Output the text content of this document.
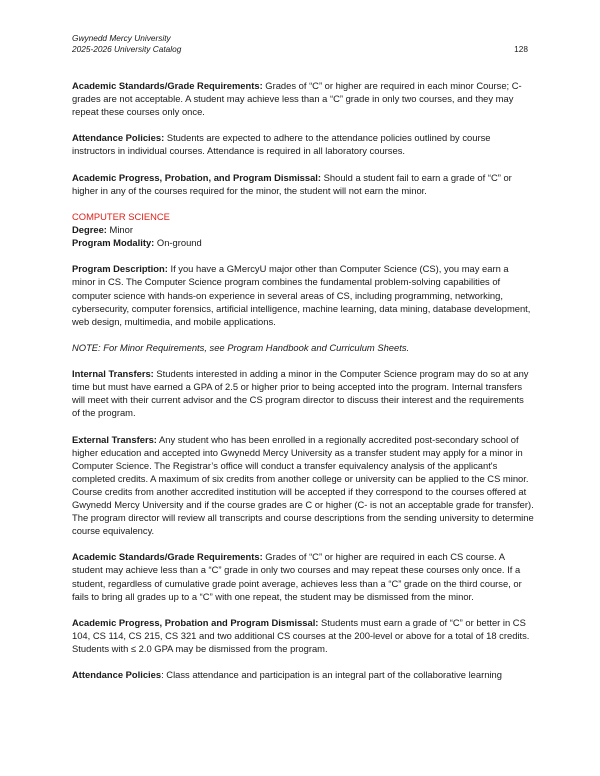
Gwynedd Mercy University
2025-2026 University Catalog	128

Academic Standards/Grade Requirements: Grades of “C” or higher are required in each minor Course; C- grades are not acceptable. A student may achieve less than a “C” grade in only two courses, and they may repeat these courses only once.

Attendance Policies: Students are expected to adhere to the attendance policies outlined by course instructors in individual courses. Attendance is required in all laboratory courses.

Academic Progress, Probation, and Program Dismissal: Should a student fail to earn a grade of “C” or higher in any of the courses required for the minor, the student will not earn the minor.

COMPUTER SCIENCE

Degree: Minor

Program Modality: On-ground

Program Description: If you have a GMercyU major other than Computer Science (CS), you may earn a minor in CS. The Computer Science program combines the fundamental problem-solving capabilities of computer science with hands-on experience in several areas of CS, including programming, networking, cybersecurity, computer forensics, artificial intelligence, machine learning, data mining, database development, web design, multimedia, and mobile applications.

NOTE: For Minor Requirements, see Program Handbook and Curriculum Sheets.

Internal Transfers: Students interested in adding a minor in the Computer Science program may do so at any time but must have earned a GPA of 2.5 or higher prior to being accepted into the program. Internal transfers will meet with their current advisor and the CS program director to discuss their interest and the requirements of the program.

External Transfers: Any student who has been enrolled in a regionally accredited post-secondary school of higher education and accepted into Gwynedd Mercy University as a transfer student may apply for a minor in Computer Science. The Registrar’s office will conduct a transfer equivalency analysis of the applicant's completed credits. A maximum of six credits from another college or university can be applied to the CS minor. Course credits from another accredited institution will be accepted if they correspond to the courses offered at Gwynedd Mercy University and if the course grades are C or higher (C- is not an acceptable grade for transfer). The program director will review all transcripts and course descriptions from the sending university to determine course equivalency.

Academic Standards/Grade Requirements: Grades of “C” or higher are required in each CS course. A student may achieve less than a “C” grade in only two courses and may repeat these courses only once. If a student, regardless of cumulative grade point average, achieves less than a “C” grade on the third course, or fails to bring all grades up to a “C” with one repeat, the student may be dismissed from the minor.

Academic Progress, Probation and Program Dismissal: Students must earn a grade of “C” or better in CS 104, CS 114, CS 215, CS 321 and two additional CS courses at the 200-level or above for a total of 18 credits. Students with ≤ 2.0 GPA may be dismissed from the program.

Attendance Policies: Class attendance and participation is an integral part of the collaborative learning
